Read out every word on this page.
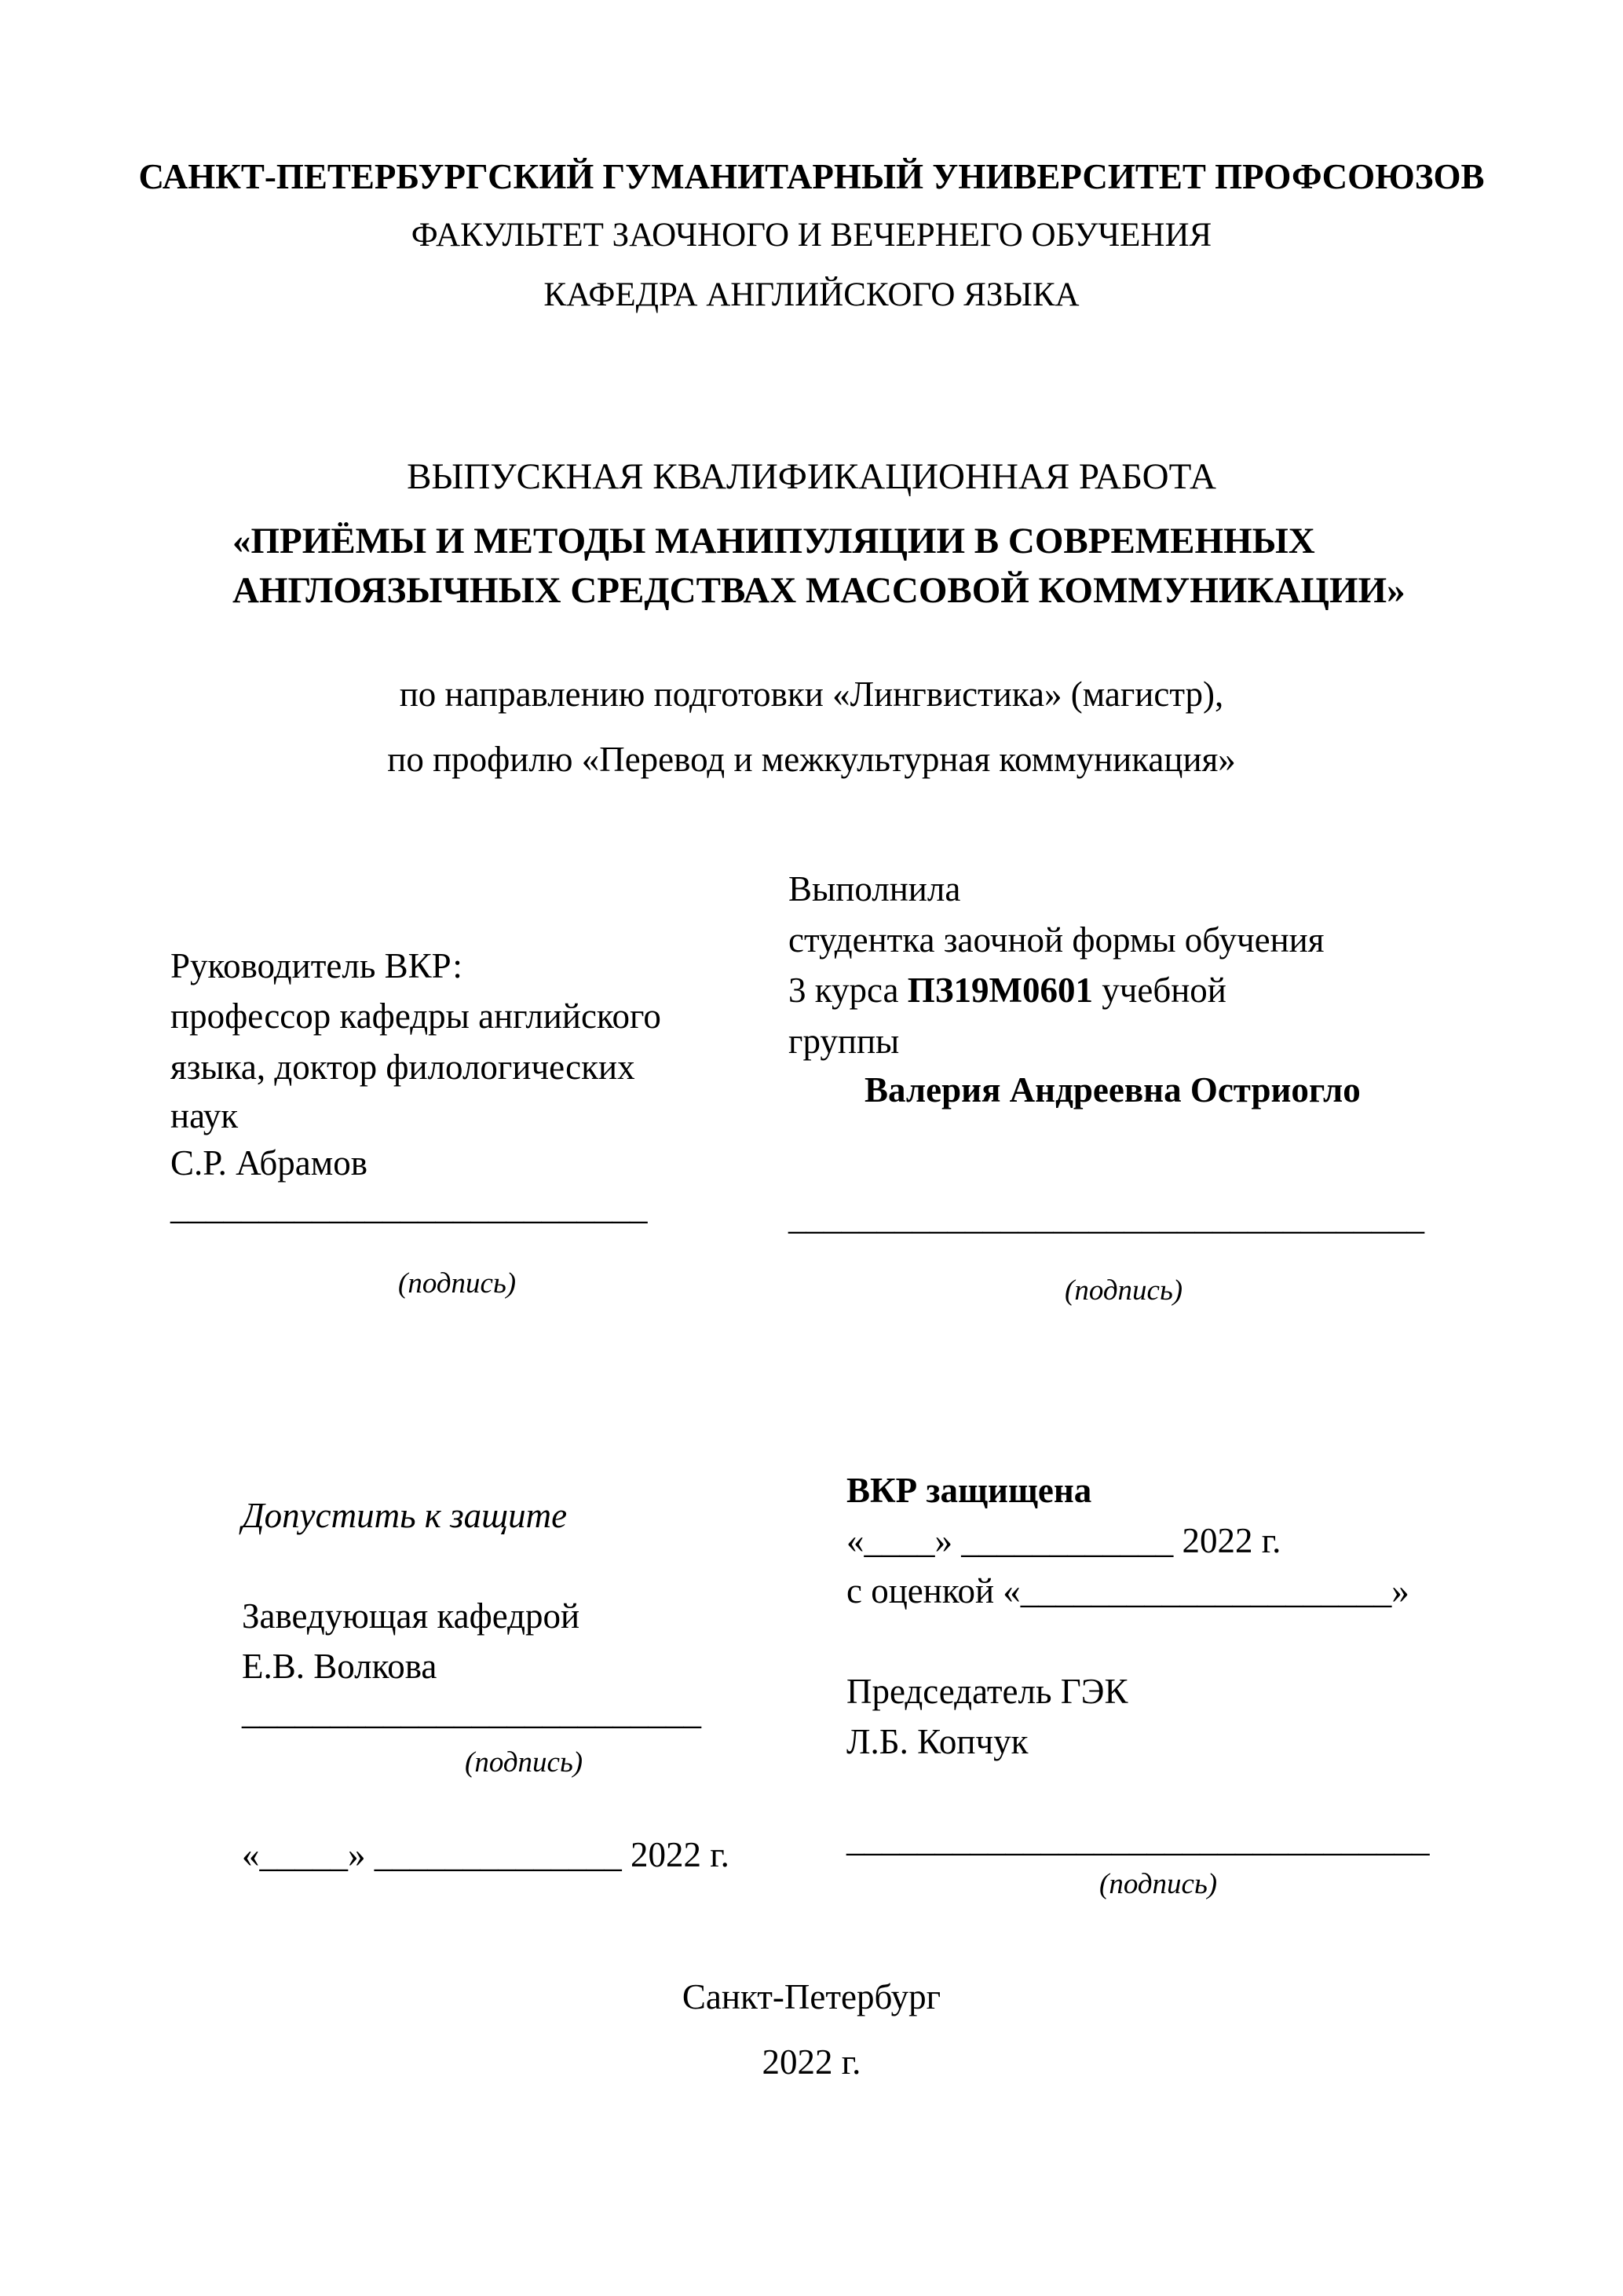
САНКТ-ПЕТЕРБУРГСКИЙ ГУМАНИТАРНЫЙ УНИВЕРСИТЕТ ПРОФСОЮЗОВ
ФАКУЛЬТЕТ ЗАОЧНОГО И ВЕЧЕРНЕГО ОБУЧЕНИЯ
КАФЕДРА АНГЛИЙСКОГО ЯЗЫКА
ВЫПУСКНАЯ КВАЛИФИКАЦИОННАЯ РАБОТА
«ПРИЁМЫ И МЕТОДЫ МАНИПУЛЯЦИИ В СОВРЕМЕННЫХ
АНГЛОЯЗЫЧНЫХ СРЕДСТВАХ МАССОВОЙ КОММУНИКАЦИИ»
по направлению подготовки «Лингвистика» (магистр),
по профилю «Перевод и межкультурная коммуникация»
Руководитель ВКР:
профессор кафедры английского
языка, доктор филологических
наук
С.Р. Абрамов
___________________________
(подпись)
Выполнила
студентка заочной формы обучения
3 курса ПЗ19М0601 учебной
группы
Валерия Андреевна Остриогло
____________________________________
(подпись)
Допустить к защите
Заведующая кафедрой
Е.В. Волкова
__________________________
(подпись)
«_____» ______________ 2022 г.
ВКР защищена
«____» ____________ 2022 г.
с оценкой «_____________________»
Председатель ГЭК
Л.Б. Копчук
_________________________________
(подпись)
Санкт-Петербург
2022 г.
